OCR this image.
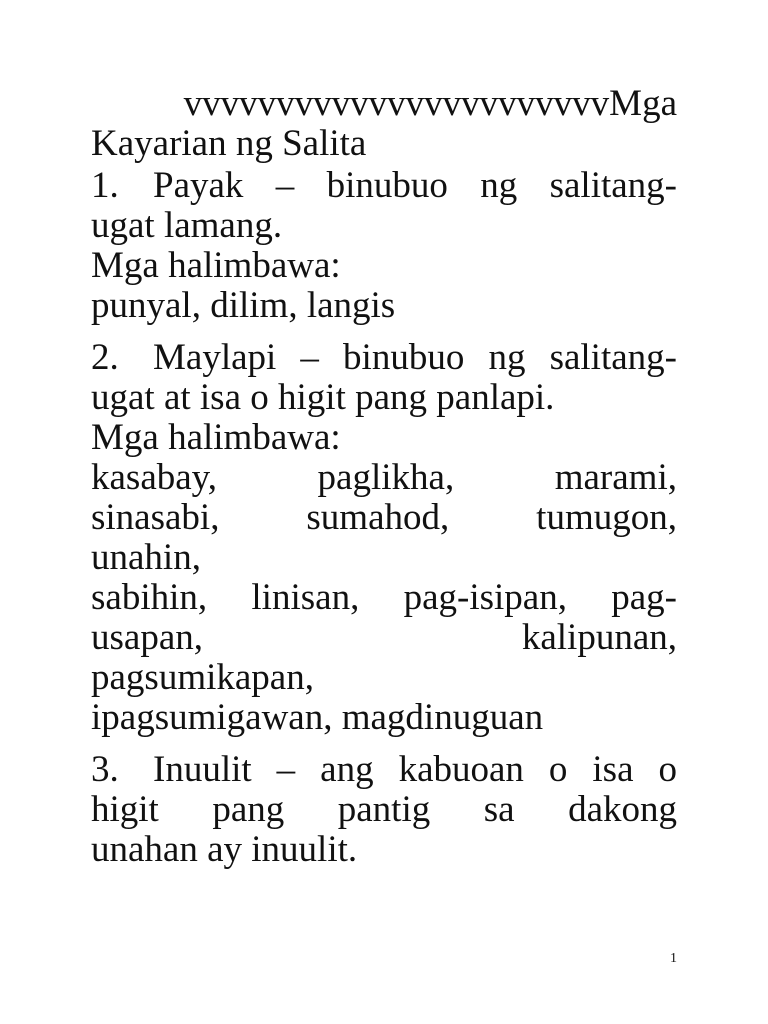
vvvvvvvvvvvvvvvvvvvvvvvMga
Kayarian ng Salita
1. Payak – binubuo ng salitang-
ugat lamang.
Mga halimbawa:
punyal, dilim, langis
2. Maylapi – binubuo ng salitang-
ugat at isa o higit pang panlapi.
Mga halimbawa:
kasabay, paglikha, marami,
sinasabi, sumahod, tumugon,
unahin,
sabihin, linisan, pag-isipan, pag-
usapan, kalipunan,
pagsumikapan,
ipagsumigawan, magdinuguan
3. Inuulit – ang kabuoan o isa o
higit pang pantig sa dakong
unahan ay inuulit.
1
